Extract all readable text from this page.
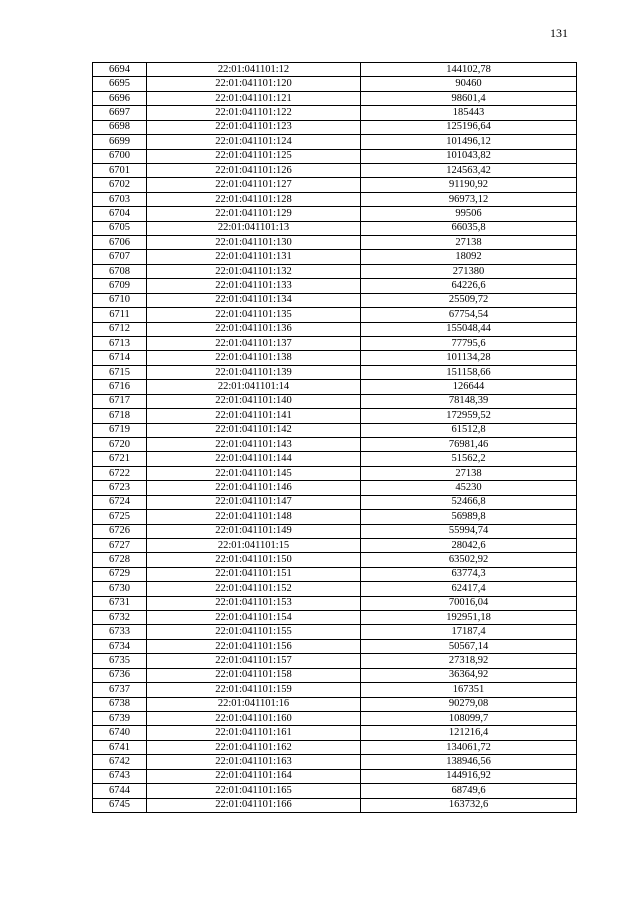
131
6694	22:01:041101:12	144102,78
6695	22:01:041101:120	90460
6696	22:01:041101:121	98601,4
6697	22:01:041101:122	185443
6698	22:01:041101:123	125196,64
6699	22:01:041101:124	101496,12
6700	22:01:041101:125	101043,82
6701	22:01:041101:126	124563,42
6702	22:01:041101:127	91190,92
6703	22:01:041101:128	96973,12
6704	22:01:041101:129	99506
6705	22:01:041101:13	66035,8
6706	22:01:041101:130	27138
6707	22:01:041101:131	18092
6708	22:01:041101:132	271380
6709	22:01:041101:133	64226,6
6710	22:01:041101:134	25509,72
6711	22:01:041101:135	67754,54
6712	22:01:041101:136	155048,44
6713	22:01:041101:137	77795,6
6714	22:01:041101:138	101134,28
6715	22:01:041101:139	151158,66
6716	22:01:041101:14	126644
6717	22:01:041101:140	78148,39
6718	22:01:041101:141	172959,52
6719	22:01:041101:142	61512,8
6720	22:01:041101:143	76981,46
6721	22:01:041101:144	51562,2
6722	22:01:041101:145	27138
6723	22:01:041101:146	45230
6724	22:01:041101:147	52466,8
6725	22:01:041101:148	56989,8
6726	22:01:041101:149	55994,74
6727	22:01:041101:15	28042,6
6728	22:01:041101:150	63502,92
6729	22:01:041101:151	63774,3
6730	22:01:041101:152	62417,4
6731	22:01:041101:153	70016,04
6732	22:01:041101:154	192951,18
6733	22:01:041101:155	17187,4
6734	22:01:041101:156	50567,14
6735	22:01:041101:157	27318,92
6736	22:01:041101:158	36364,92
6737	22:01:041101:159	167351
6738	22:01:041101:16	90279,08
6739	22:01:041101:160	108099,7
6740	22:01:041101:161	121216,4
6741	22:01:041101:162	134061,72
6742	22:01:041101:163	138946,56
6743	22:01:041101:164	144916,92
6744	22:01:041101:165	68749,6
6745	22:01:041101:166	163732,6
